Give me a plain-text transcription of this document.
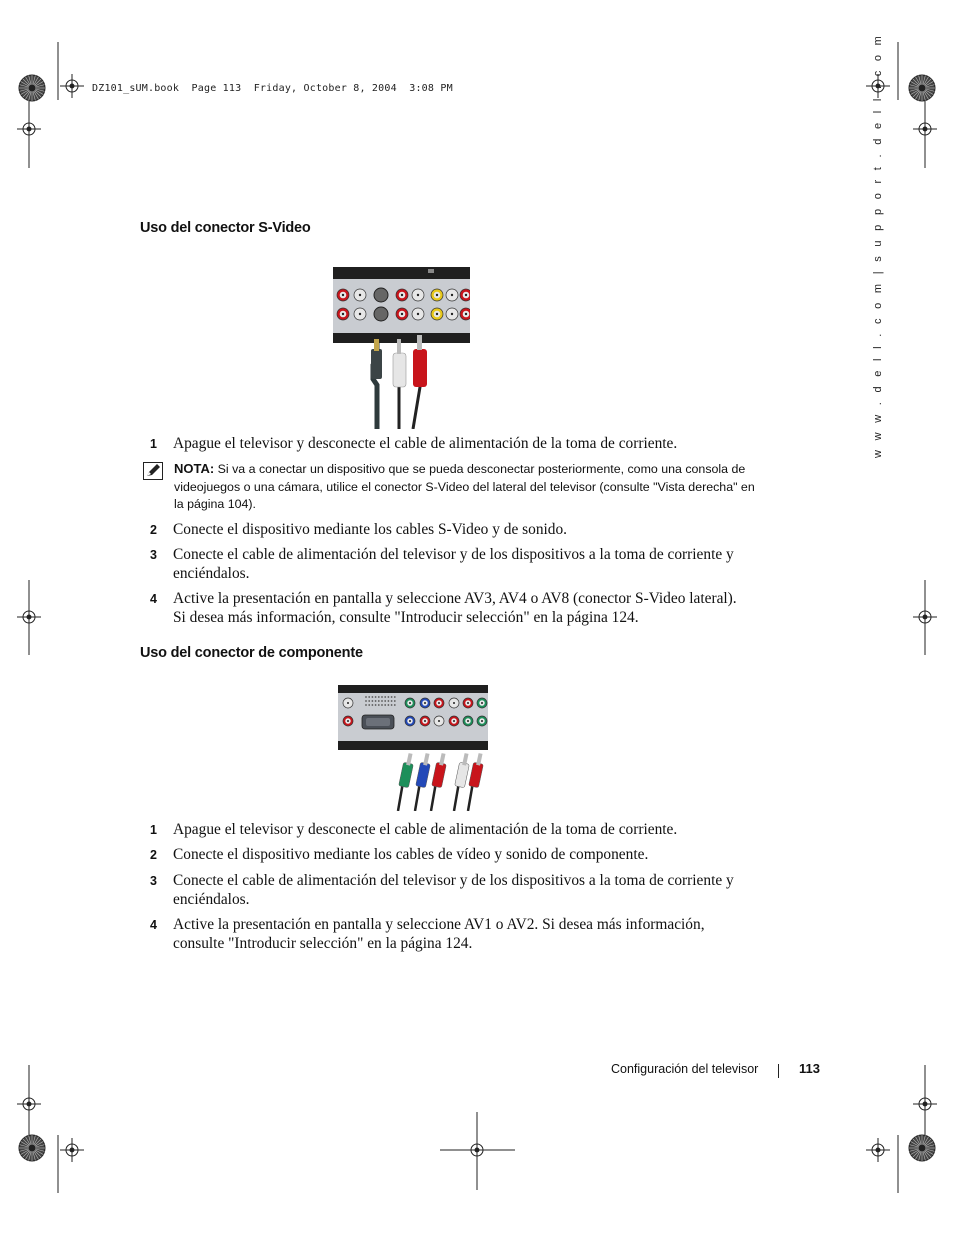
DZ101_sUM.book  Page 113  Friday, October 8, 2004  3:08 PM	w w w . d e l l . c o m | s u p p o r t . d e l l . c o m
Uso del conector S-Video
1 Apague el televisor y desconecte el cable de alimentación de la toma de corriente.
NOTA: Si va a conectar un dispositivo que se pueda desconectar posteriormente, como una consola de videojuegos o una cámara, utilice el conector S-Video del lateral del televisor (consulte "Vista derecha" en la página 104).
2 Conecte el dispositivo mediante los cables S-Video y de sonido.
3 Conecte el cable de alimentación del televisor y de los dispositivos a la toma de corriente y enciéndalos.
4 Active la presentación en pantalla y seleccione AV3, AV4 o AV8 (conector S-Video lateral). Si desea más información, consulte "Introducir selección" en la página 124.
Uso del conector de componente
1 Apague el televisor y desconecte el cable de alimentación de la toma de corriente.
2 Conecte el dispositivo mediante los cables de vídeo y sonido de componente.
3 Conecte el cable de alimentación del televisor y de los dispositivos a la toma de corriente y enciéndalos.
4 Active la presentación en pantalla y seleccione AV1 o AV2. Si desea más información, consulte "Introducir selección" en la página 124.
Configuración del televisor	113
